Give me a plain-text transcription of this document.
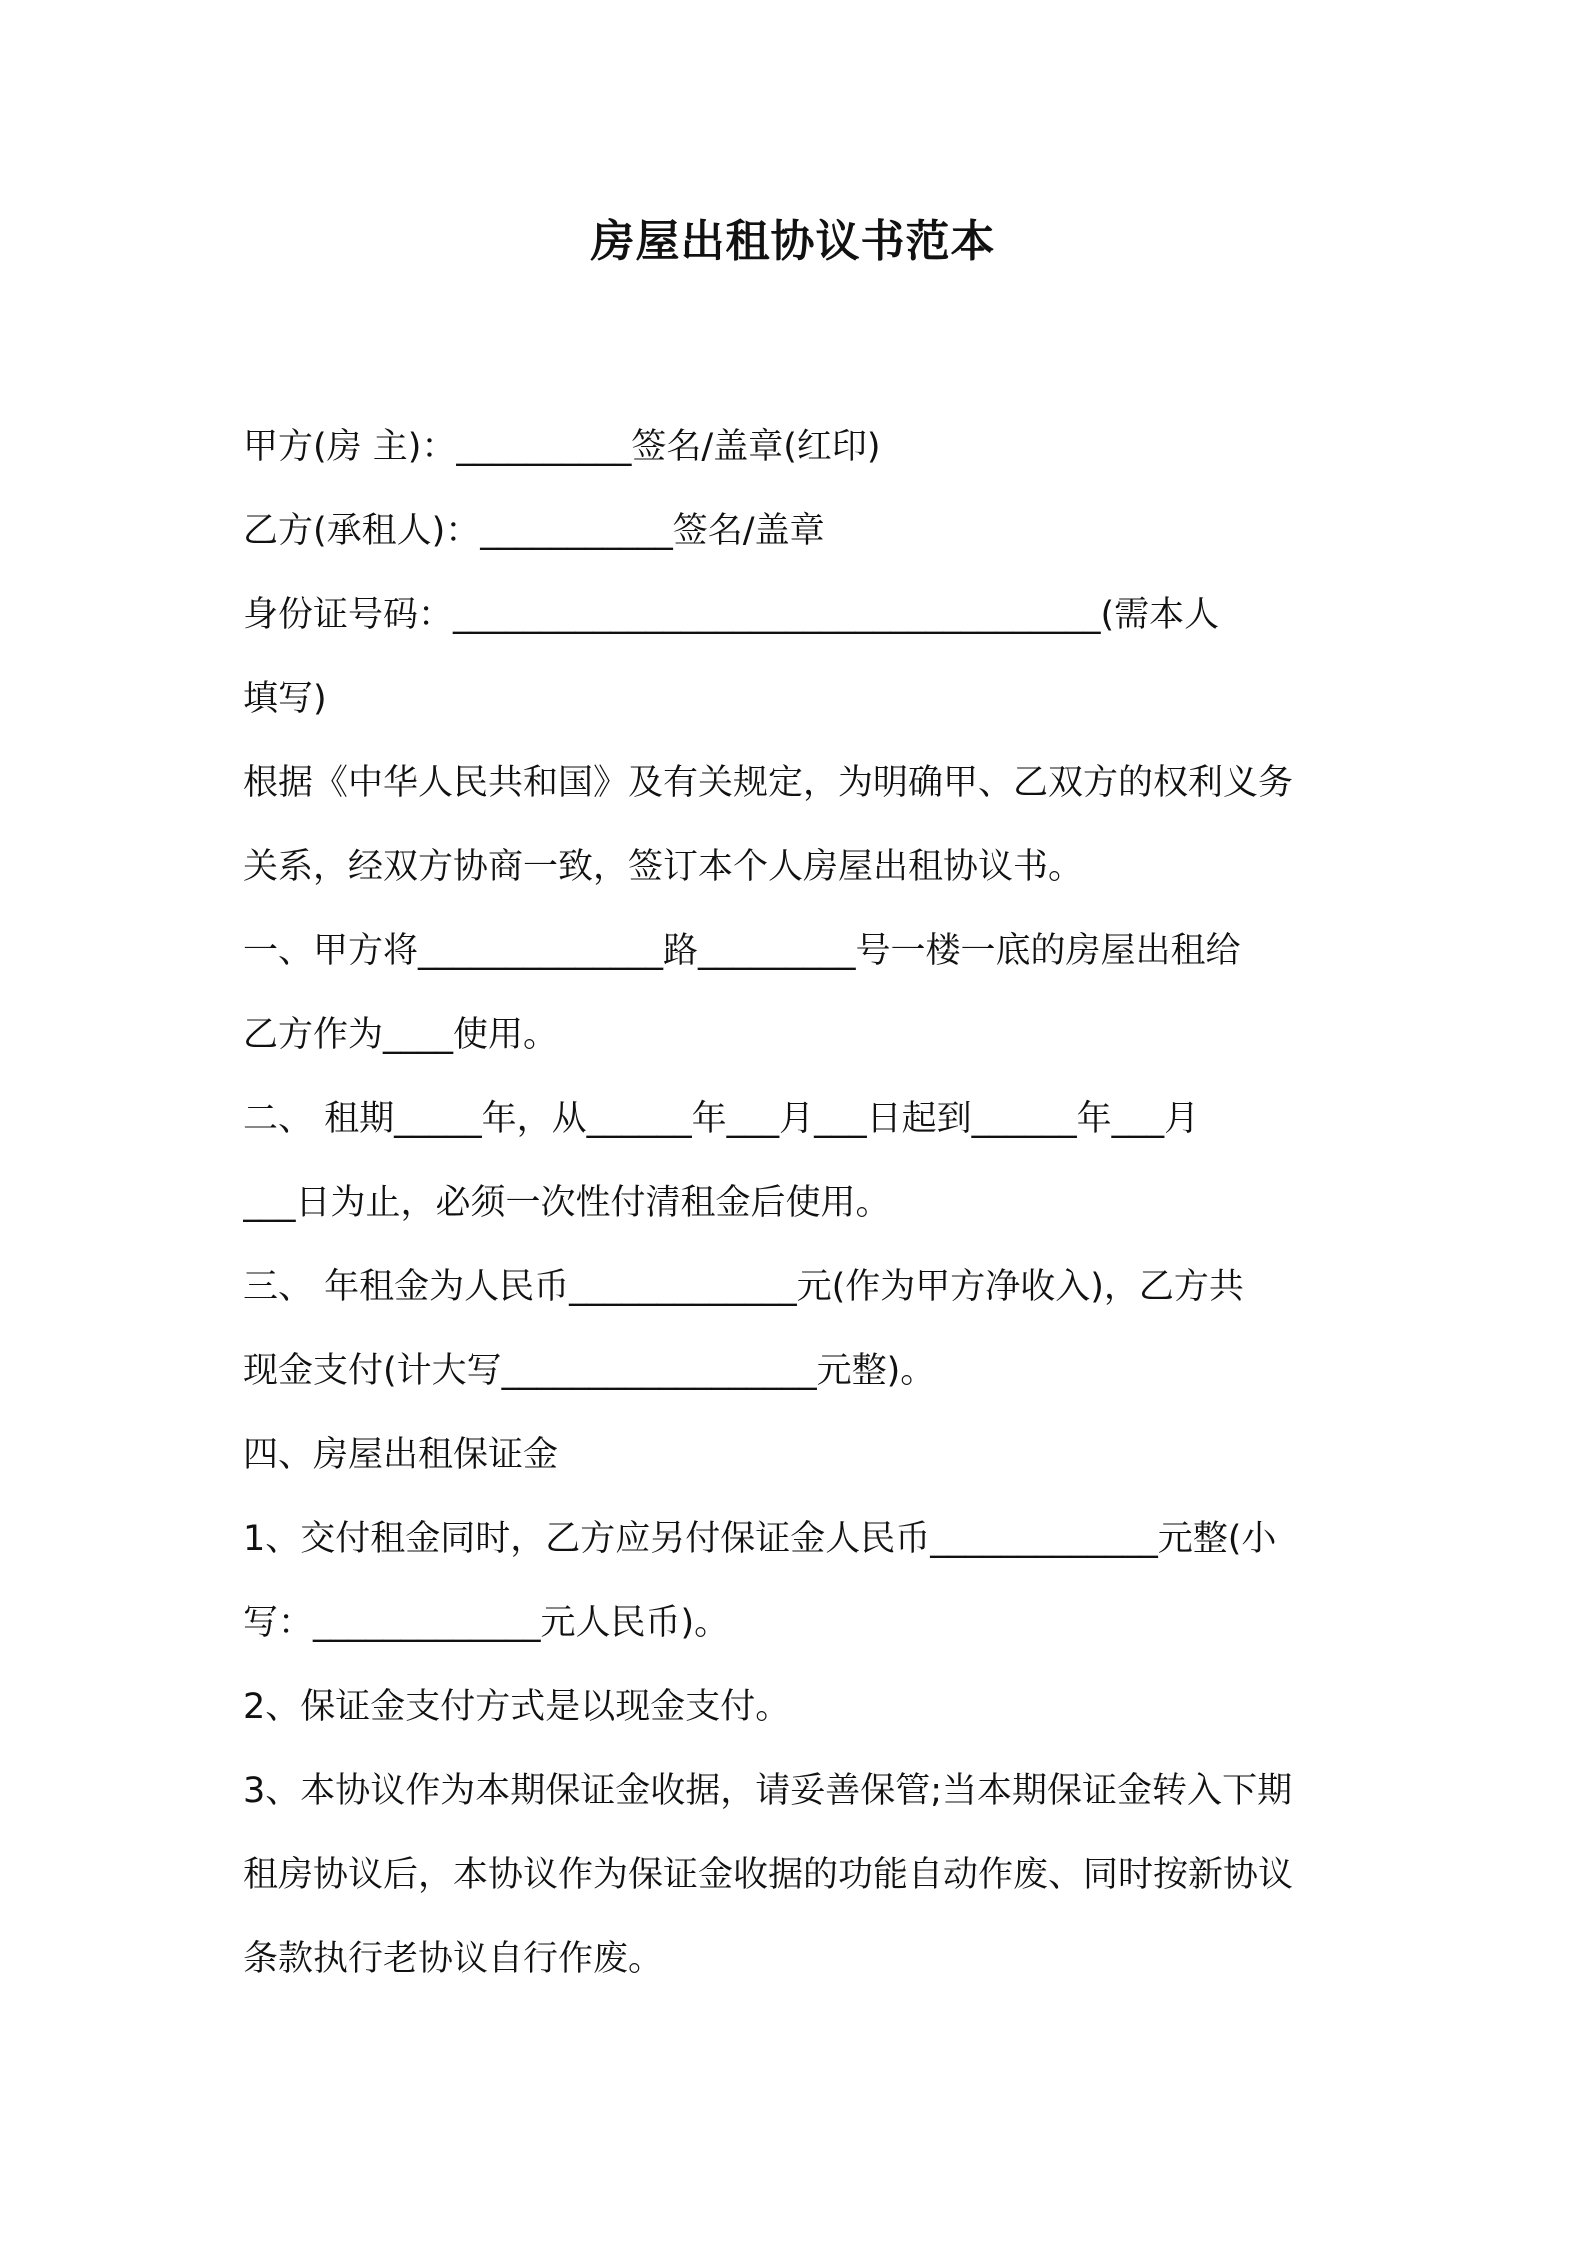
房屋出租协议书范本
甲方(房 主)：__________签名/盖章(红印)
乙方(承租人)：___________签名/盖章
身份证号码：_____________________________________(需本人
填写)
根据《中华人民共和国》及有关规定，为明确甲、乙双方的权利义务
关系，经双方协商一致，签订本个人房屋出租协议书。
一、甲方将______________路_________号一楼一底的房屋出租给
乙方作为____使用。
二、 租期_____年，从______年___月___日起到______年___月
___日为止，必须一次性付清租金后使用。
三、 年租金为人民币_____________元(作为甲方净收入)，乙方共
现金支付(计大写__________________元整)。
四、房屋出租保证金
1、交付租金同时，乙方应另付保证金人民币_____________元整(小
写：_____________元人民币)。
2、保证金支付方式是以现金支付。
3、本协议作为本期保证金收据，请妥善保管;当本期保证金转入下期
租房协议后，本协议作为保证金收据的功能自动作废、同时按新协议
条款执行老协议自行作废。
